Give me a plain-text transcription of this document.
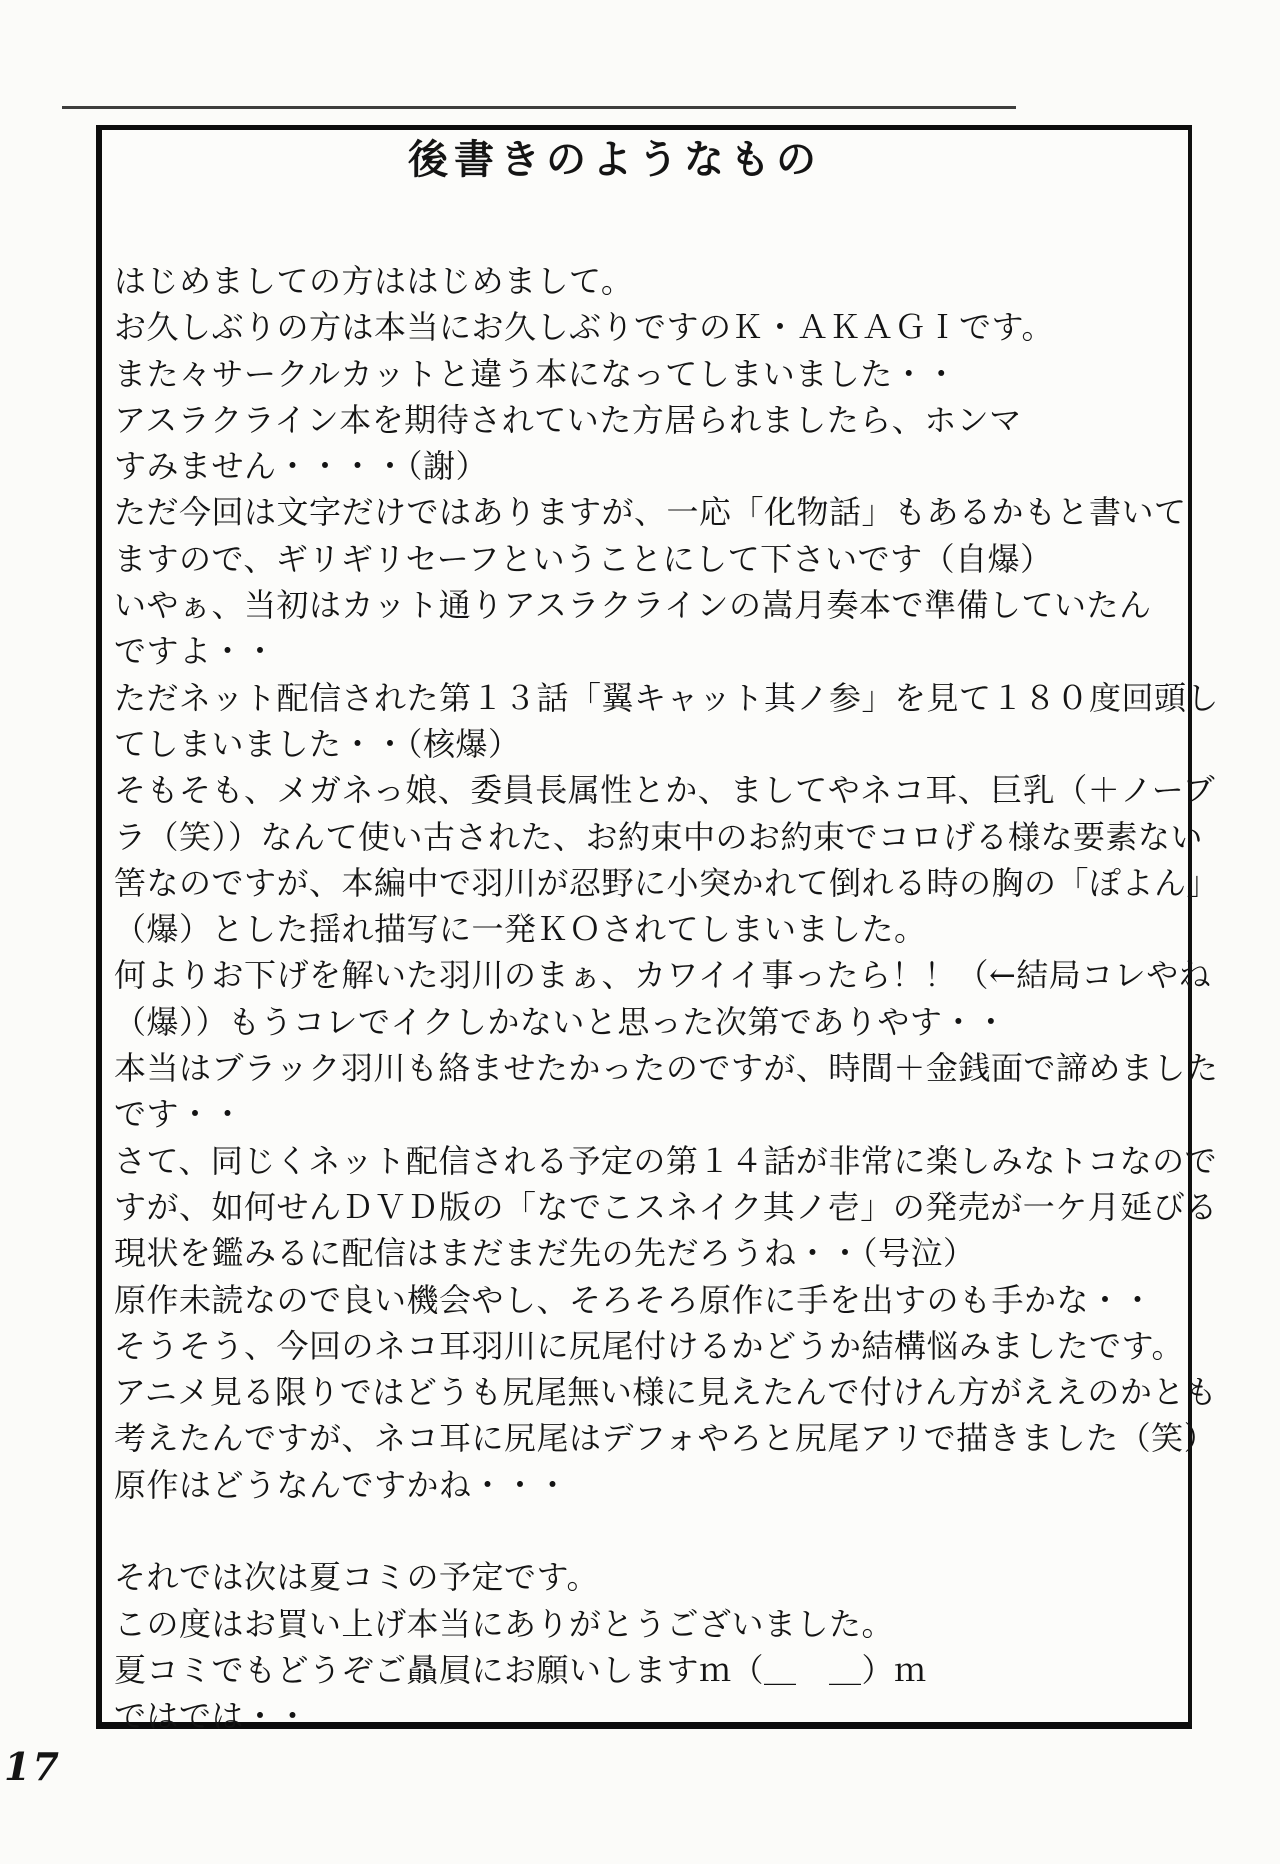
後書きのようなもの
はじめましての方ははじめまして。
お久しぶりの方は本当にお久しぶりですのＫ・ＡＫＡＧＩです。
また々サークルカットと違う本になってしまいました・・
アスラクライン本を期待されていた方居られましたら、ホンマ
すみません・・・・（謝）
ただ今回は文字だけではありますが、一応「化物話」もあるかもと書いて
ますので、ギリギリセーフということにして下さいです（自爆）
いやぁ、当初はカット通りアスラクラインの嵩月奏本で準備していたん
ですよ・・
ただネット配信された第１３話「翼キャット其ノ参」を見て１８０度回頭し
てしまいました・・（核爆）
そもそも、メガネっ娘、委員長属性とか、ましてやネコ耳、巨乳（＋ノーブ
ラ（笑））なんて使い古された、お約束中のお約束でコロげる様な要素ない
筈なのですが、本編中で羽川が忍野に小突かれて倒れる時の胸の「ぽよん」
（爆）とした揺れ描写に一発ＫＯされてしまいました。
何よりお下げを解いた羽川のまぁ、カワイイ事ったら！！（←結局コレやね
（爆））もうコレでイクしかないと思った次第でありやす・・
本当はブラック羽川も絡ませたかったのですが、時間＋金銭面で諦めました
です・・
さて、同じくネット配信される予定の第１４話が非常に楽しみなトコなので
すが、如何せんＤＶＤ版の「なでこスネイク其ノ壱」の発売が一ケ月延びる
現状を鑑みるに配信はまだまだ先の先だろうね・・（号泣）
原作未読なので良い機会やし、そろそろ原作に手を出すのも手かな・・
そうそう、今回のネコ耳羽川に尻尾付けるかどうか結構悩みましたです。
アニメ見る限りではどうも尻尾無い様に見えたんで付けん方がええのかとも
考えたんですが、ネコ耳に尻尾はデフォやろと尻尾アリで描きました（笑）
原作はどうなんですかね・・・
それでは次は夏コミの予定です。
この度はお買い上げ本当にありがとうございました。
夏コミでもどうぞご贔屓にお願いしますｍ（＿　＿）ｍ
ではでは・・
17
